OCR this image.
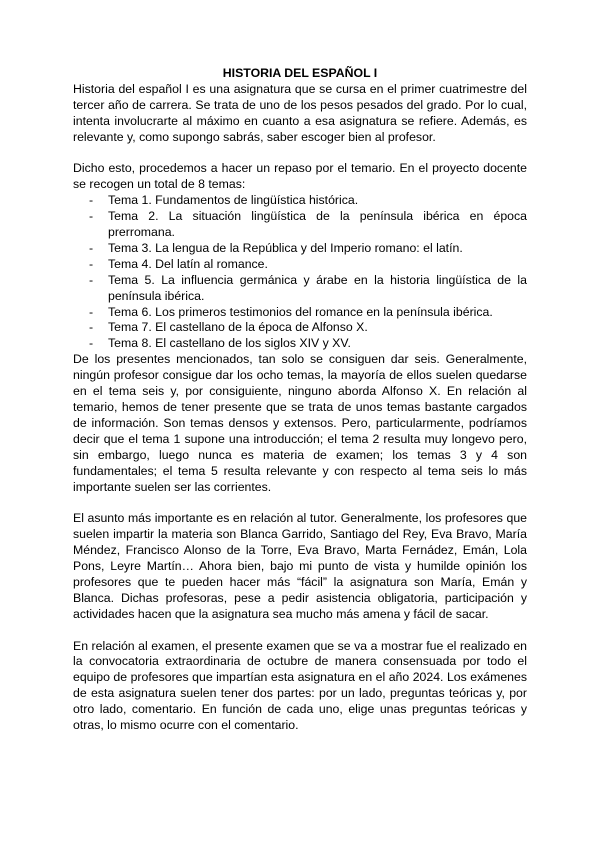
HISTORIA DEL ESPAÑOL I

Historia del español I es una asignatura que se cursa en el primer cuatrimestre del tercer año de carrera. Se trata de uno de los pesos pesados del grado. Por lo cual, intenta involucrarte al máximo en cuanto a esa asignatura se refiere. Además, es relevante y, como supongo sabrás, saber escoger bien al profesor.

Dicho esto, procedemos a hacer un repaso por el temario. En el proyecto docente se recogen un total de 8 temas:

- Tema 1. Fundamentos de lingüística histórica.
- Tema 2. La situación lingüística de la península ibérica en época prerromana.
- Tema 3. La lengua de la República y del Imperio romano: el latín.
- Tema 4. Del latín al romance.
- Tema 5. La influencia germánica y árabe en la historia lingüística de la península ibérica.
- Tema 6. Los primeros testimonios del romance en la península ibérica.
- Tema 7. El castellano de la época de Alfonso X.
- Tema 8. El castellano de los siglos XIV y XV.

De los presentes mencionados, tan solo se consiguen dar seis. Generalmente, ningún profesor consigue dar los ocho temas, la mayoría de ellos suelen quedarse en el tema seis y, por consiguiente, ninguno aborda Alfonso X. En relación al temario, hemos de tener presente que se trata de unos temas bastante cargados de información. Son temas densos y extensos. Pero, particularmente, podríamos decir que el tema 1 supone una introducción; el tema 2 resulta muy longevo pero, sin embargo, luego nunca es materia de examen; los temas 3 y 4 son fundamentales; el tema 5 resulta relevante y con respecto al tema seis lo más importante suelen ser las corrientes.

El asunto más importante es en relación al tutor. Generalmente, los profesores que suelen impartir la materia son Blanca Garrido, Santiago del Rey, Eva Bravo, María Méndez, Francisco Alonso de la Torre, Eva Bravo, Marta Fernádez, Emán, Lola Pons, Leyre Martín… Ahora bien, bajo mi punto de vista y humilde opinión los profesores que te pueden hacer más “fácil” la asignatura son María, Emán y Blanca. Dichas profesoras, pese a pedir asistencia obligatoria, participación y actividades hacen que la asignatura sea mucho más amena y fácil de sacar.

En relación al examen, el presente examen que se va a mostrar fue el realizado en la convocatoria extraordinaria de octubre de manera consensuada por todo el equipo de profesores que impartían esta asignatura en el año 2024. Los exámenes de esta asignatura suelen tener dos partes: por un lado, preguntas teóricas y, por otro lado, comentario. En función de cada uno, elige unas preguntas teóricas y otras, lo mismo ocurre con el comentario.
